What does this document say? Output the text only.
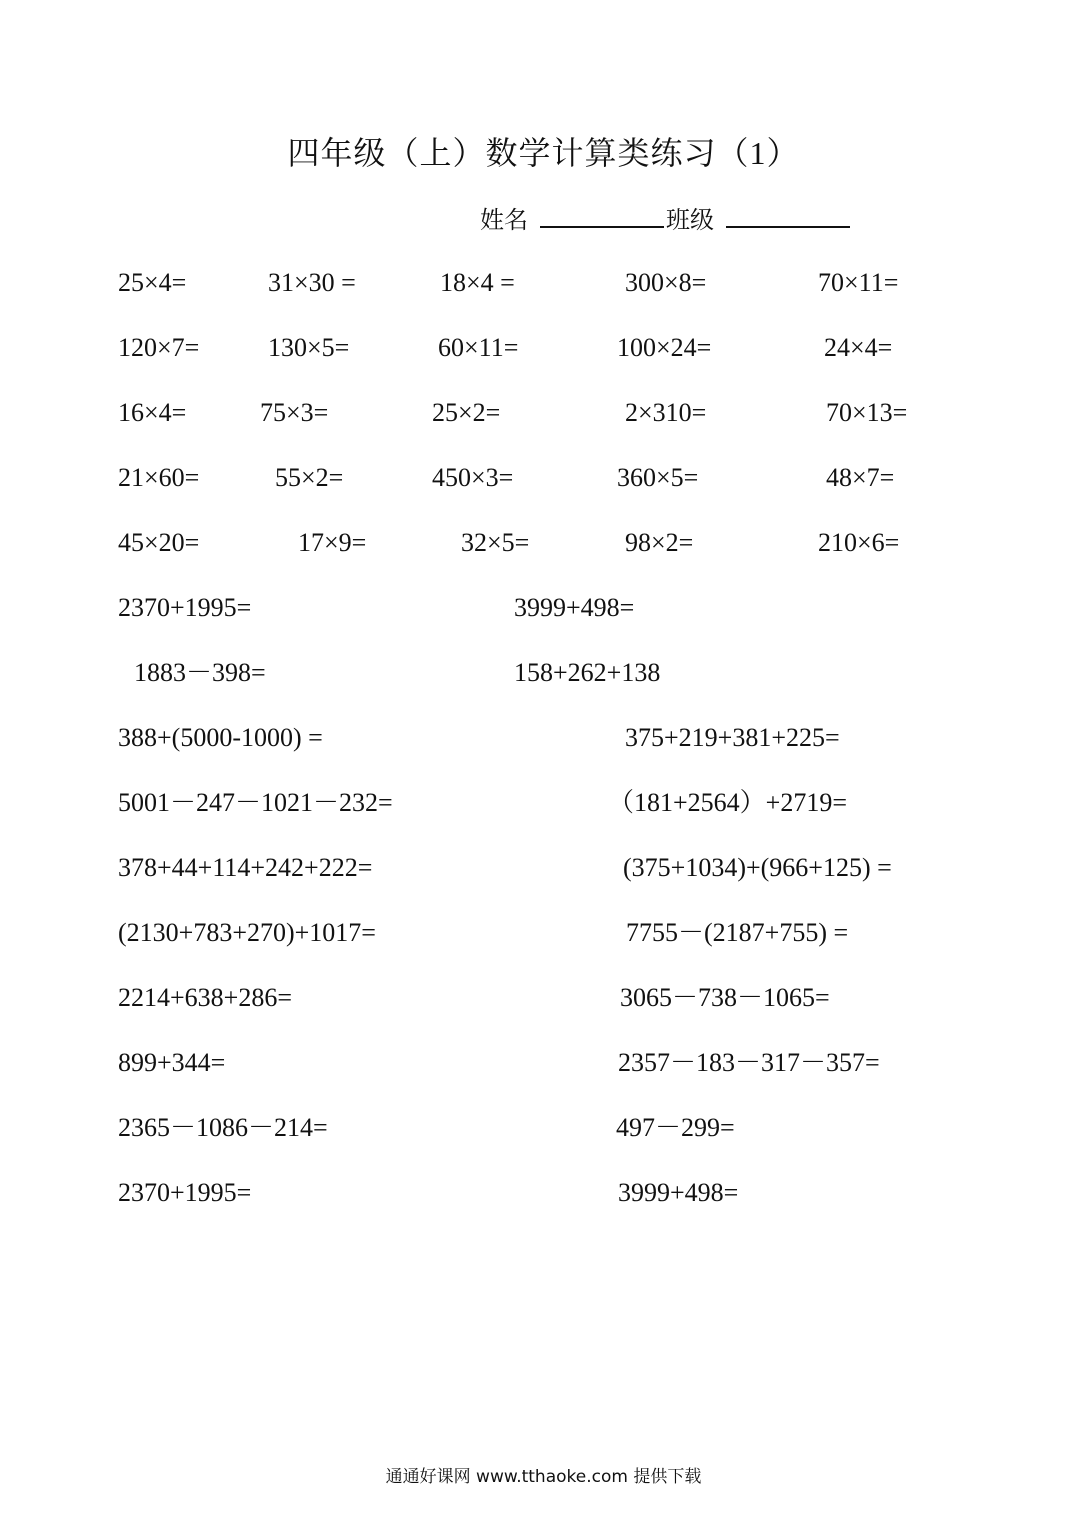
四年级（上）数学计算类练习（1）
姓名	班级
25×4=	31×30 =	18×4 =	300×8=	70×11=
120×7=	130×5=	60×11=	100×24=	24×4=
16×4=	75×3=	25×2=	2×310=	70×13=
21×60=	55×2=	450×3=	360×5=	48×7=
45×20=	17×9=	32×5=	98×2=	210×6=
2370+1995=	3999+498=
1883－398=	158+262+138
388+(5000-1000) =	375+219+381+225=
5001－247－1021－232=	（181+2564）+2719=
378+44+114+242+222=	(375+1034)+(966+125) =
(2130+783+270)+1017=	7755－(2187+755) =
2214+638+286=	3065－738－1065=
899+344=	2357－183－317－357=
2365－1086－214=	497－299=
2370+1995=	3999+498=
通通好课网 www.tthaoke.com 提供下载
